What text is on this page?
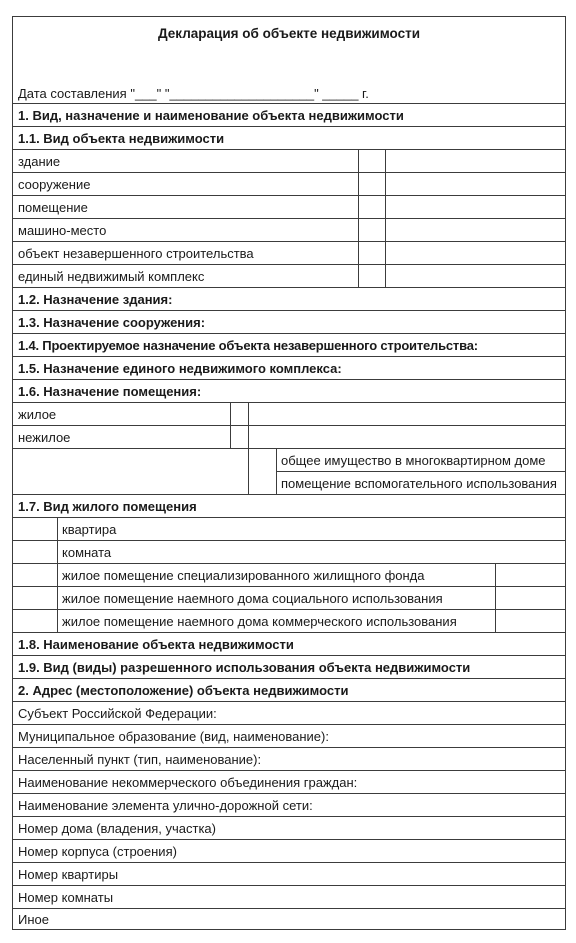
Декларация об объекте недвижимости
Дата составления "___" "____________________" _____ г.
1. Вид, назначение и наименование объекта недвижимости
1.1. Вид объекта недвижимости
здание
сооружение
помещение
машино-место
объект незавершенного строительства
единый недвижимый комплекс
1.2. Назначение здания:
1.3. Назначение сооружения:
1.4. Проектируемое назначение объекта незавершенного строительства:
1.5. Назначение единого недвижимого комплекса:
1.6. Назначение помещения:
жилое
нежилое
общее имущество в многоквартирном доме
помещение вспомогательного использования
1.7. Вид жилого помещения
квартира
комната
жилое помещение специализированного жилищного фонда
жилое помещение наемного дома социального использования
жилое помещение наемного дома коммерческого использования
1.8. Наименование объекта недвижимости
1.9. Вид (виды) разрешенного использования объекта недвижимости
2. Адрес (местоположение) объекта недвижимости
Субъект Российской Федерации:
Муниципальное образование (вид, наименование):
Населенный пункт (тип, наименование):
Наименование некоммерческого объединения граждан:
Наименование элемента улично-дорожной сети:
Номер дома (владения, участка)
Номер корпуса (строения)
Номер квартиры
Номер комнаты
Иное
